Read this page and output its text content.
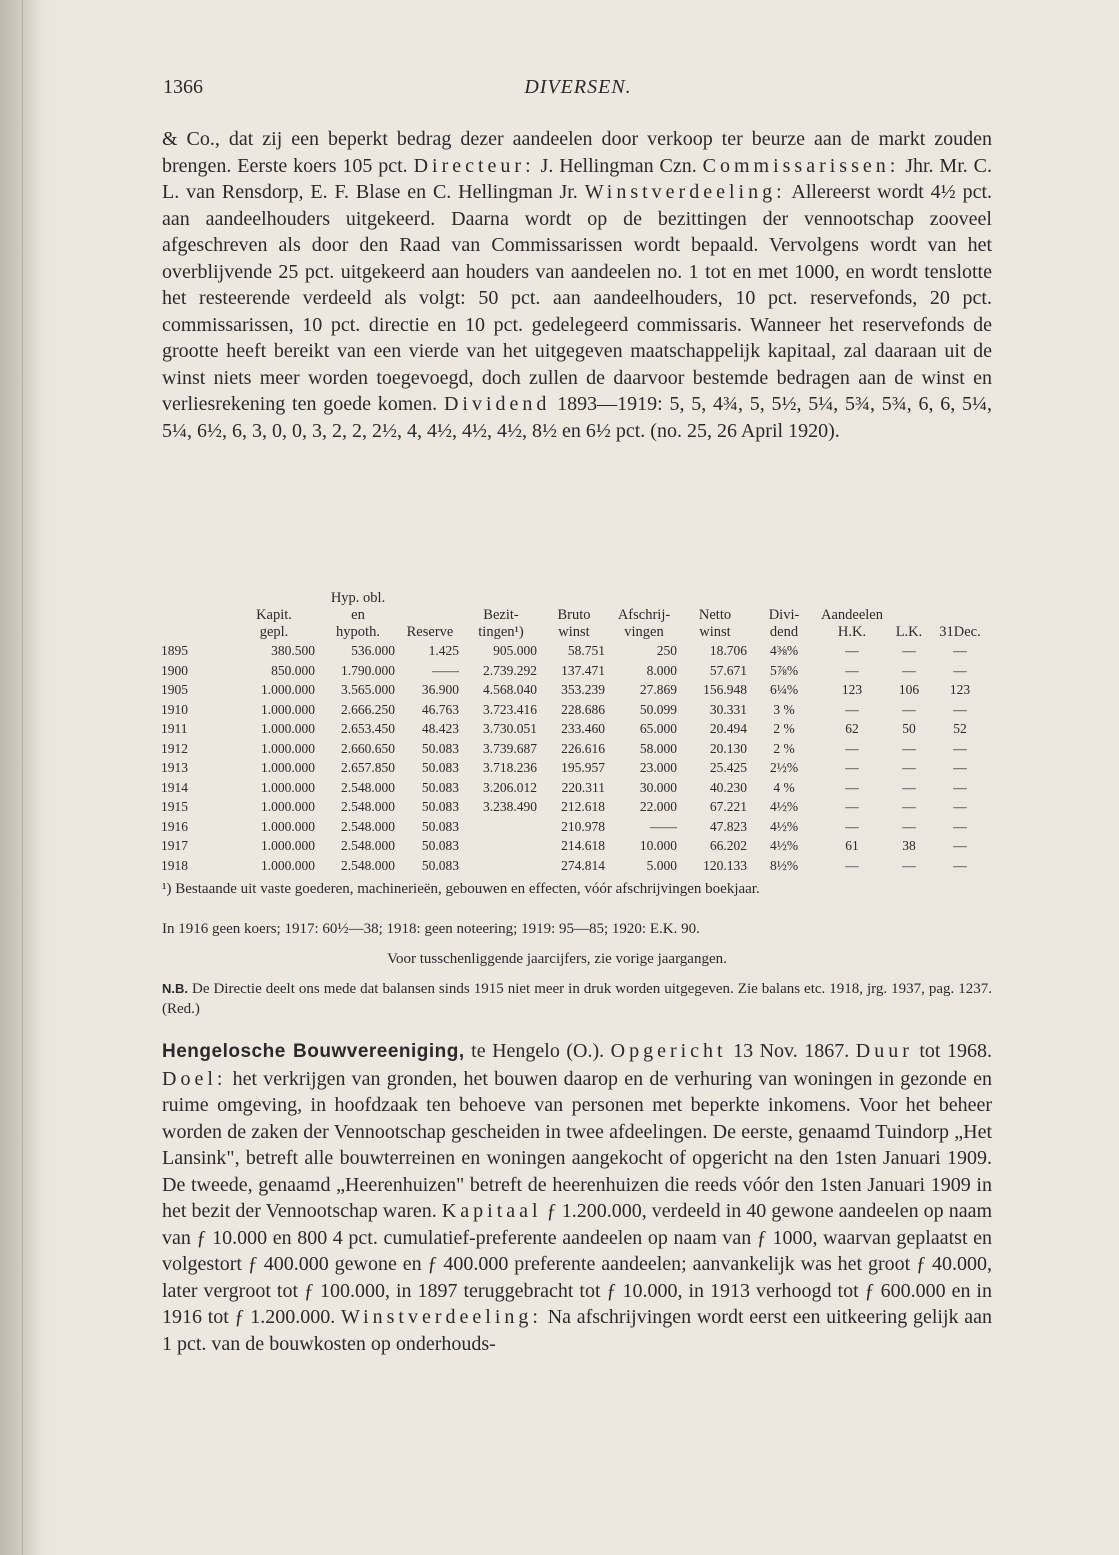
1366	DIVERSEN.
& Co., dat zij een beperkt bedrag dezer aandeelen door verkoop ter beurze aan de markt zouden brengen. Eerste koers 105 pct. Directeur: J. Hellingman Czn. Commissarissen: Jhr. Mr. C. L. van Rensdorp, E. F. Blase en C. Hellingman Jr. Winstverdeeling: Allereerst wordt 4½ pct. aan aandeelhouders uitgekeerd. Daarna wordt op de bezittingen der vennootschap zooveel afgeschreven als door den Raad van Commissarissen wordt bepaald. Vervolgens wordt van het overblijvende 25 pct. uitgekeerd aan houders van aandeelen no. 1 tot en met 1000, en wordt tenslotte het resteerende verdeeld als volgt: 50 pct. aan aandeelhouders, 10 pct. reservefonds, 20 pct. commissarissen, 10 pct. directie en 10 pct. gedelegeerd commissaris. Wanneer het reservefonds de grootte heeft bereikt van een vierde van het uitgegeven maatschappelijk kapitaal, zal daaraan uit de winst niets meer worden toegevoegd, doch zullen de daarvoor bestemde bedragen aan de winst en verliesrekening ten goede komen. Dividend 1893—1919: 5, 5, 4¾, 5, 5½, 5¼, 5¾, 5¾, 6, 6, 5¼, 5¼, 6½, 6, 3, 0, 0, 3, 2, 2, 2½, 4, 4½, 4½, 4½, 8½ en 6½ pct. (no. 25, 26 April 1920).
		Hyp. obl.									
	Kapit.	en		Bezit-	Bruto	Afschrij-	Netto	Divi-	Aandeelen		
	gepl.	hypoth.	Reserve	tingen¹)	winst	vingen	winst	dend	H.K.	L.K.	31Dec.
1895	380.500	536.000	1.425	905.000	58.751	250	18.706	4⅜%	—	—	—
1900	850.000	1.790.000	——	2.739.292	137.471	8.000	57.671	5⅞%	—	—	—
1905	1.000.000	3.565.000	36.900	4.568.040	353.239	27.869	156.948	6¼%	123	106	123
1910	1.000.000	2.666.250	46.763	3.723.416	228.686	50.099	30.331	3 %	—	—	—
1911	1.000.000	2.653.450	48.423	3.730.051	233.460	65.000	20.494	2 %	62	50	52
1912	1.000.000	2.660.650	50.083	3.739.687	226.616	58.000	20.130	2 %	—	—	—
1913	1.000.000	2.657.850	50.083	3.718.236	195.957	23.000	25.425	2½%	—	—	—
1914	1.000.000	2.548.000	50.083	3.206.012	220.311	30.000	40.230	4 %	—	—	—
1915	1.000.000	2.548.000	50.083	3.238.490	212.618	22.000	67.221	4½%	—	—	—
1916	1.000.000	2.548.000	50.083		210.978	——	47.823	4½%	—	—	—
1917	1.000.000	2.548.000	50.083		214.618	10.000	66.202	4½%	61	38	—
1918	1.000.000	2.548.000	50.083		274.814	5.000	120.133	8½%	—	—	—
¹) Bestaande uit vaste goederen, machinerieën, gebouwen en effecten, vóór afschrijvingen boekjaar.
In 1916 geen koers; 1917: 60½—38; 1918: geen noteering; 1919: 95—85; 1920: E.K. 90.
Voor tusschenliggende jaarcijfers, zie vorige jaargangen.
N.B. De Directie deelt ons mede dat balansen sinds 1915 niet meer in druk worden uitgegeven. Zie balans etc. 1918, jrg. 1937, pag. 1237. (Red.)
Hengelosche Bouwvereeniging, te Hengelo (O.). Opgericht 13 Nov. 1867. Duur tot 1968. Doel: het verkrijgen van gronden, het bouwen daarop en de verhuring van woningen in gezonde en ruime omgeving, in hoofdzaak ten behoeve van personen met beperkte inkomens. Voor het beheer worden de zaken der Vennootschap gescheiden in twee afdeelingen. De eerste, genaamd Tuindorp „Het Lansink", betreft alle bouwterreinen en woningen aangekocht of opgericht na den 1sten Januari 1909. De tweede, genaamd „Heerenhuizen" betreft de heerenhuizen die reeds vóór den 1sten Januari 1909 in het bezit der Vennootschap waren. Kapitaal ƒ 1.200.000, verdeeld in 40 gewone aandeelen op naam van ƒ 10.000 en 800 4 pct. cumulatief-preferente aandeelen op naam van ƒ 1000, waarvan geplaatst en volgestort ƒ 400.000 gewone en ƒ 400.000 preferente aandeelen; aanvankelijk was het groot ƒ 40.000, later vergroot tot ƒ 100.000, in 1897 teruggebracht tot ƒ 10.000, in 1913 verhoogd tot ƒ 600.000 en in 1916 tot ƒ 1.200.000. Winstverdeeling: Na afschrijvingen wordt eerst een uitkeering gelijk aan 1 pct. van de bouwkosten op onderhouds-
